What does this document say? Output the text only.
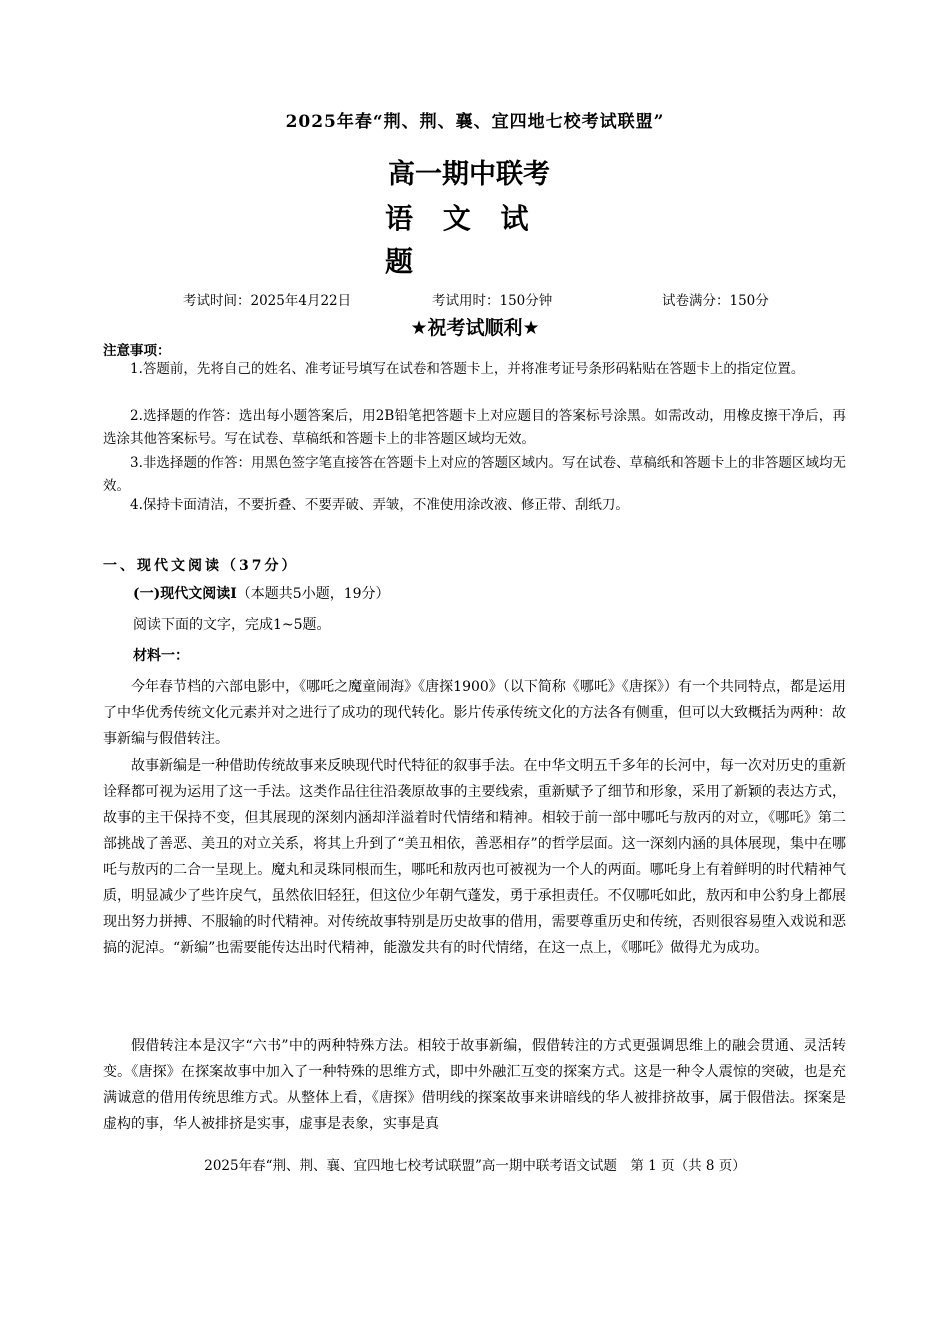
2025年春“荆、荆、襄、宜四地七校考试联盟”
高一期中联考
语 文 试
题
考试时间：2025年4月22日	考试用时：150分钟	试卷满分：150分
★祝考试顺利★
注意事项：
1.答题前，先将自己的姓名、准考证号填写在试卷和答题卡上，并将准考证号条形码粘贴在答题卡上的指定位置。
2.选择题的作答：选出每小题答案后，用2B铅笔把答题卡上对应题目的答案标号涂黑。如需改动，用橡皮擦干净后，再选涂其他答案标号。写在试卷、草稿纸和答题卡上的非答题区域均无效。
3.非选择题的作答：用黑色签字笔直接答在答题卡上对应的答题区域内。写在试卷、草稿纸和答题卡上的非答题区域均无效。
4.保持卡面清洁，不要折叠、不要弄破、弄皱，不准使用涂改液、修正带、刮纸刀。
一、现代文阅读（37分）
(一)现代文阅读Ⅰ（本题共5小题，19分）
阅读下面的文字，完成1~5题。
材料一：
今年春节档的六部电影中，《哪吒之魔童闹海》《唐探1900》（以下简称《哪吒》《唐探》）有一个共同特点，都是运用了中华优秀传统文化元素并对之进行了成功的现代转化。影片传承传统文化的方法各有侧重，但可以大致概括为两种：故事新编与假借转注。
故事新编是一种借助传统故事来反映现代时代特征的叙事手法。在中华文明五千多年的长河中，每一次对历史的重新诠释都可视为运用了这一手法。这类作品往往沿袭原故事的主要线索，重新赋予了细节和形象，采用了新颖的表达方式，故事的主干保持不变，但其展现的深刻内涵却洋溢着时代情绪和精神。相较于前一部中哪吒与敖丙的对立，《哪吒》第二部挑战了善恶、美丑的对立关系，将其上升到了“美丑相依，善恶相存”的哲学层面。这一深刻内涵的具体展现，集中在哪吒与敖丙的二合一呈现上。魔丸和灵珠同根而生，哪吒和敖丙也可被视为一个人的两面。哪吒身上有着鲜明的时代精神气质，明显减少了些许戾气，虽然依旧轻狂，但这位少年朝气蓬发，勇于承担责任。不仅哪吒如此，敖丙和申公豹身上都展现出努力拼搏、不服输的时代精神。对传统故事特别是历史故事的借用，需要尊重历史和传统，否则很容易堕入戏说和恶搞的泥淖。“新编”也需要能传达出时代精神，能激发共有的时代情绪，在这一点上，《哪吒》做得尤为成功。
假借转注本是汉字“六书”中的两种特殊方法。相较于故事新编，假借转注的方式更强调思维上的融会贯通、灵活转变。《唐探》在探案故事中加入了一种特殊的思维方式，即中外融汇互变的探案方式。这是一种令人震惊的突破，也是充满诚意的借用传统思维方式。从整体上看，《唐探》借明线的探案故事来讲暗线的华人被排挤故事，属于假借法。探案是虚构的事，华人被排挤是实事，虚事是表象，实事是真
2025年春“荆、荆、襄、宜四地七校考试联盟”高一期中联考语文试题　第 1 页（共 8 页）
